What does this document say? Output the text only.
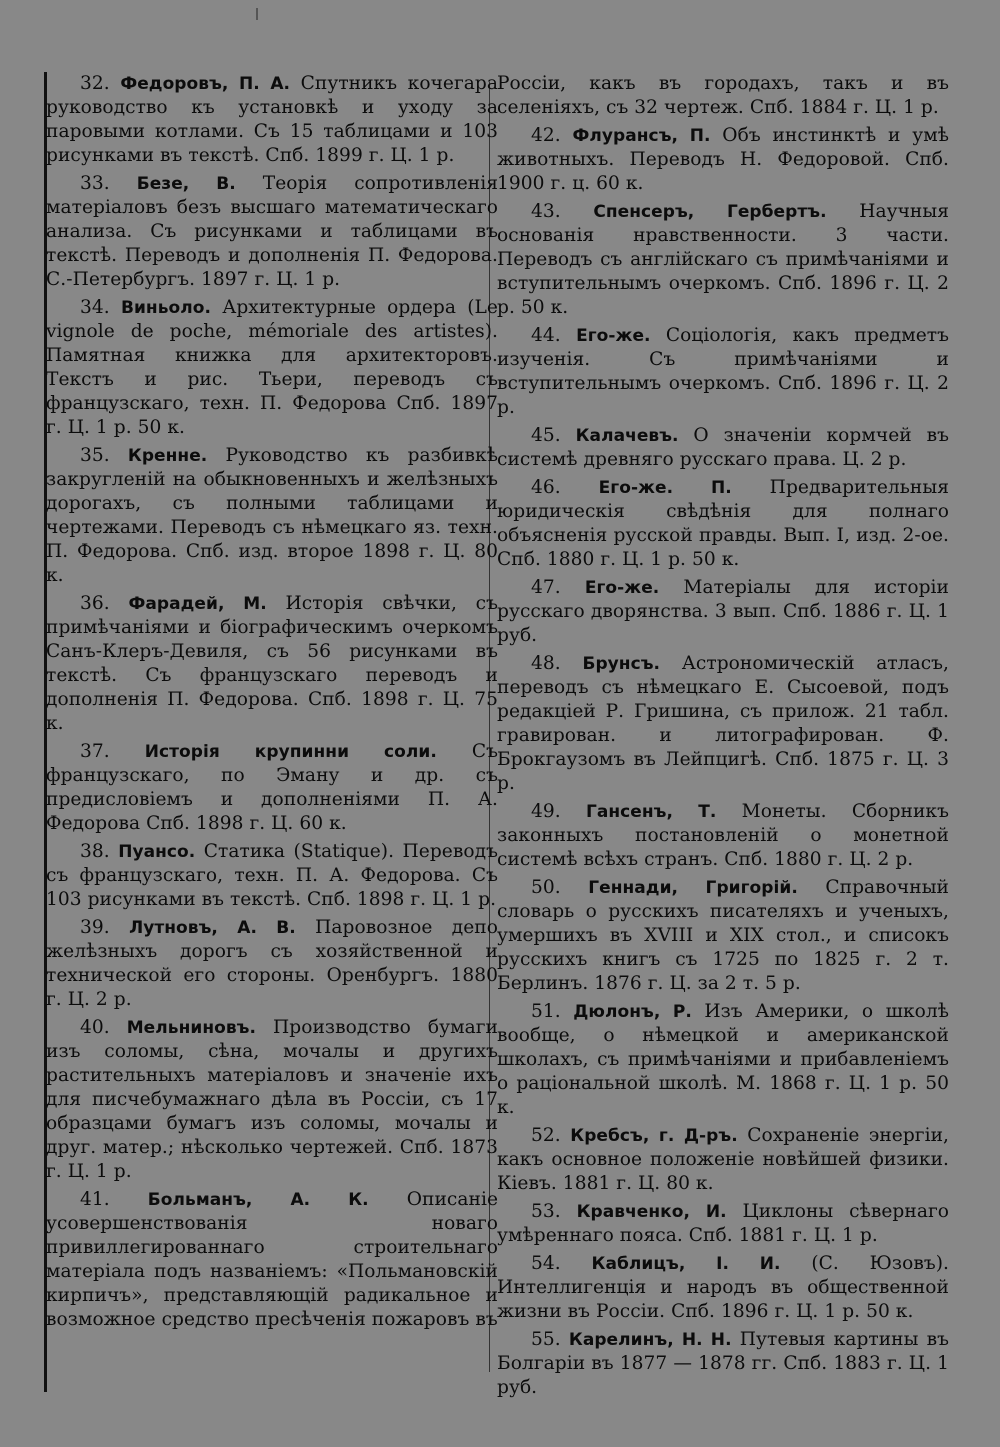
32. Федоровъ, П. А. Спутникъ кочегара руководство къ установкѣ и уходу за паровыми котлами. Съ 15 таблицами и 103 рисунками въ текстѣ. Спб. 1899 г. Ц. 1 р.

33. Безе, В. Теорія сопротивленія матеріаловъ безъ высшаго математическаго анализа. Съ рисунками и таблицами въ текстѣ. Переводъ и дополненія П. Федорова. С.-Петербургъ. 1897 г. Ц. 1 р.

34. Виньоло. Архитектурные ордера (Le vignole de poche, mémoriale des artistes). Памятная книжка для архитекторовъ. Текстъ и рис. Тьери, переводъ съ французскаго, техн. П. Федорова Спб. 1897 г. Ц. 1 р. 50 к.

35. Кренне. Руководство къ разбивкѣ закругленій на обыкновенныхъ и желѣзныхъ дорогахъ, съ полными таблицами и чертежами. Переводъ съ нѣмецкаго яз. техн. П. Федорова. Спб. изд. второе 1898 г. Ц. 80 к.

36. Фарадей, М. Исторія свѣчки, съ примѣчаніями и біографическимъ очеркомъ Санъ-Клеръ-Девиля, съ 56 рисунками въ текстѣ. Съ французскаго переводъ и дополненія П. Федорова. Спб. 1898 г. Ц. 75 к.

37. Исторія крупинни соли. Съ французскаго, по Эману и др. съ предисловіемъ и дополненіями П. А. Федорова Спб. 1898 г. Ц. 60 к.

38. Пуансо. Статика (Statique). Переводъ съ французскаго, техн. П. А. Федорова. Съ 103 рисунками въ текстѣ. Спб. 1898 г. Ц. 1 р.

39. Лутновъ, А. В. Паровозное депо желѣзныхъ дорогъ съ хозяйственной и технической его стороны. Оренбургъ. 1880 г. Ц. 2 р.

40. Мельниновъ. Производство бумаги изъ соломы, сѣна, мочалы и другихъ растительныхъ матеріаловъ и значеніе ихъ для писчебумажнаго дѣла въ Россіи, съ 17 образцами бумагъ изъ соломы, мочалы и друг. матер.; нѣсколько чертежей. Спб. 1873 г. Ц. 1 р.

41. Больманъ, А. К. Описаніе усовершенствованія новаго привиллегированнаго строительнаго матеріала подъ названіемъ: «Польмановскій кирпичъ», представляющій радикальное и возможное средство пресѣченія пожаровъ въ

Россіи, какъ въ городахъ, такъ и въ селеніяхъ, съ 32 чертеж. Спб. 1884 г. Ц. 1 р.

42. Флурансъ, П. Объ инстинктѣ и умѣ животныхъ. Переводъ Н. Федоровой. Спб. 1900 г. ц. 60 к.

43. Спенсеръ, Гербертъ. Научныя основанія нравственности. 3 части. Переводъ съ англійскаго съ примѣчаніями и вступительнымъ очеркомъ. Спб. 1896 г. Ц. 2 р. 50 к.

44. Его-же. Соціологія, какъ предметъ изученія. Съ примѣчаніями и вступительнымъ очеркомъ. Спб. 1896 г. Ц. 2 р.

45. Калачевъ. О значеніи кормчей въ системѣ древняго русскаго права. Ц. 2 р.

46. Его-же. П. Предварительныя юридическія свѣдѣнія для полнаго объясненія русской правды. Вып. I, изд. 2-ое. Спб. 1880 г. Ц. 1 р. 50 к.

47. Его-же. Матеріалы для исторіи русскаго дворянства. 3 вып. Спб. 1886 г. Ц. 1 руб.

48. Брунсъ. Астрономическій атласъ, переводъ съ нѣмецкаго Е. Сысоевой, подъ редакціей Р. Гришина, съ прилож. 21 табл. гравирован. и литографирован. Ф. Брокгаузомъ въ Лейпцигѣ. Спб. 1875 г. Ц. 3 р.

49. Гансенъ, Т. Монеты. Сборникъ законныхъ постановленій о монетной системѣ всѣхъ странъ. Спб. 1880 г. Ц. 2 р.

50. Геннади, Григорій. Справочный словарь о русскихъ писателяхъ и ученыхъ, умершихъ въ XVIII и XIX стол., и списокъ русскихъ книгъ съ 1725 по 1825 г. 2 т. Берлинъ. 1876 г. Ц. за 2 т. 5 р.

51. Дюлонъ, Р. Изъ Америки, о школѣ вообще, о нѣмецкой и американской школахъ, съ примѣчаніями и прибавленіемъ о раціональной школѣ. М. 1868 г. Ц. 1 р. 50 к.

52. Кребсъ, г. Д-ръ. Сохраненіе энергіи, какъ основное положеніе новѣйшей физики. Кіевъ. 1881 г. Ц. 80 к.

53. Кравченко, И. Циклоны сѣвернаго умѣреннаго пояса. Спб. 1881 г. Ц. 1 р.

54. Каблицъ, І. И. (С. Юзовъ). Интеллигенція и народъ въ общественной жизни въ Россіи. Спб. 1896 г. Ц. 1 р. 50 к.

55. Карелинъ, Н. Н. Путевыя картины въ Болгаріи въ 1877 — 1878 гг. Спб. 1883 г. Ц. 1 руб.
